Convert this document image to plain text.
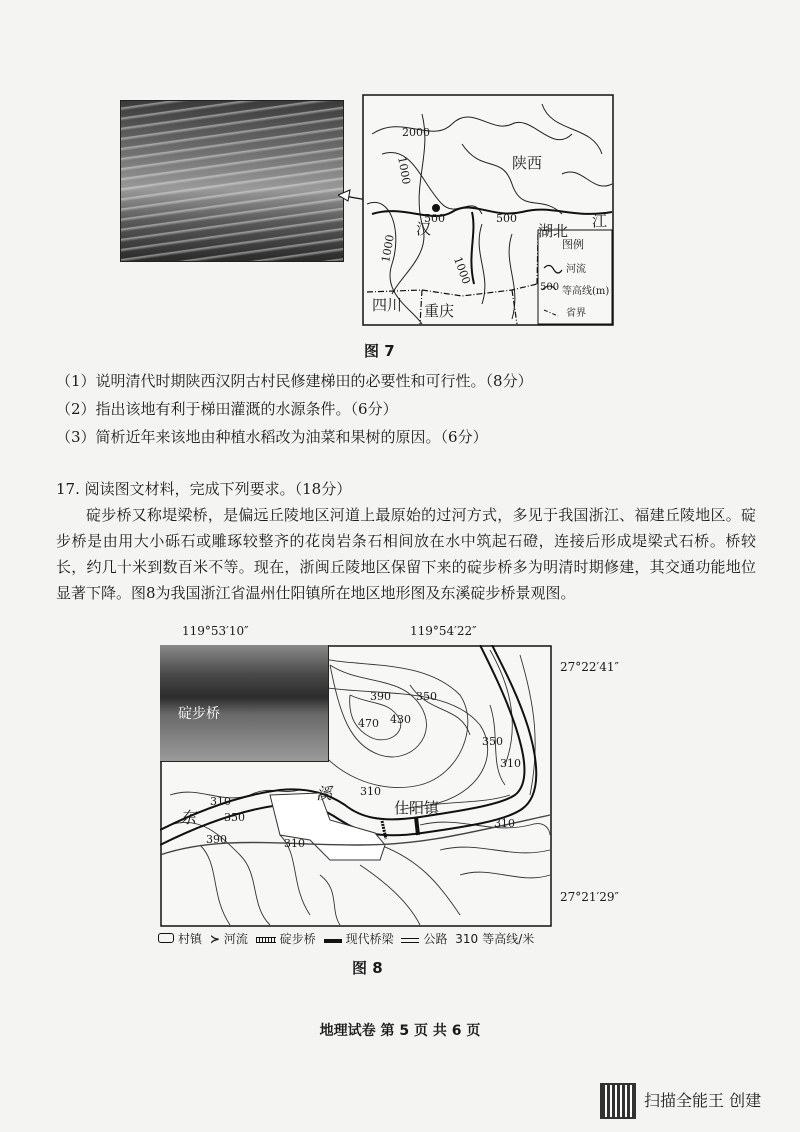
2000
1000
500	500
1000
1000
陕西
湖北
汉	江
四川 重庆
图例
河流
500 等高线(m)
省界
图 7
（1）说明清代时期陕西汉阴古村民修建梯田的必要性和可行性。（8分）
（2）指出该地有利于梯田灌溉的水源条件。（6分）
（3）简析近年来该地由种植水稻改为油菜和果树的原因。（6分）
17. 阅读图文材料，完成下列要求。（18分）

碇步桥又称堤梁桥，是偏远丘陵地区河道上最原始的过河方式，多见于我国浙江、福建丘陵地区。碇步桥是由用大小砾石或雕琢较整齐的花岗岩条石相间放在水中筑起石磴，连接后形成堤梁式石桥。桥较长，约几十米到数百米不等。现在，浙闽丘陵地区保留下来的碇步桥多为明清时期修建，其交通功能地位显著下降。图8为我国浙江省温州仕阳镇所在地区地形图及东溪碇步桥景观图。

119°53′10″	119°54′22″
27°22′41″
27°21′29″
碇步桥
390 350
470 430
350
310
310
310
350
390	310
310
东
溪
仕阳镇
村镇 ≻ 河流	碇步桥 现代桥梁 公路 310 等高线/米
图 8
地理试卷 第 5 页 共 6 页
扫描全能王 创建
